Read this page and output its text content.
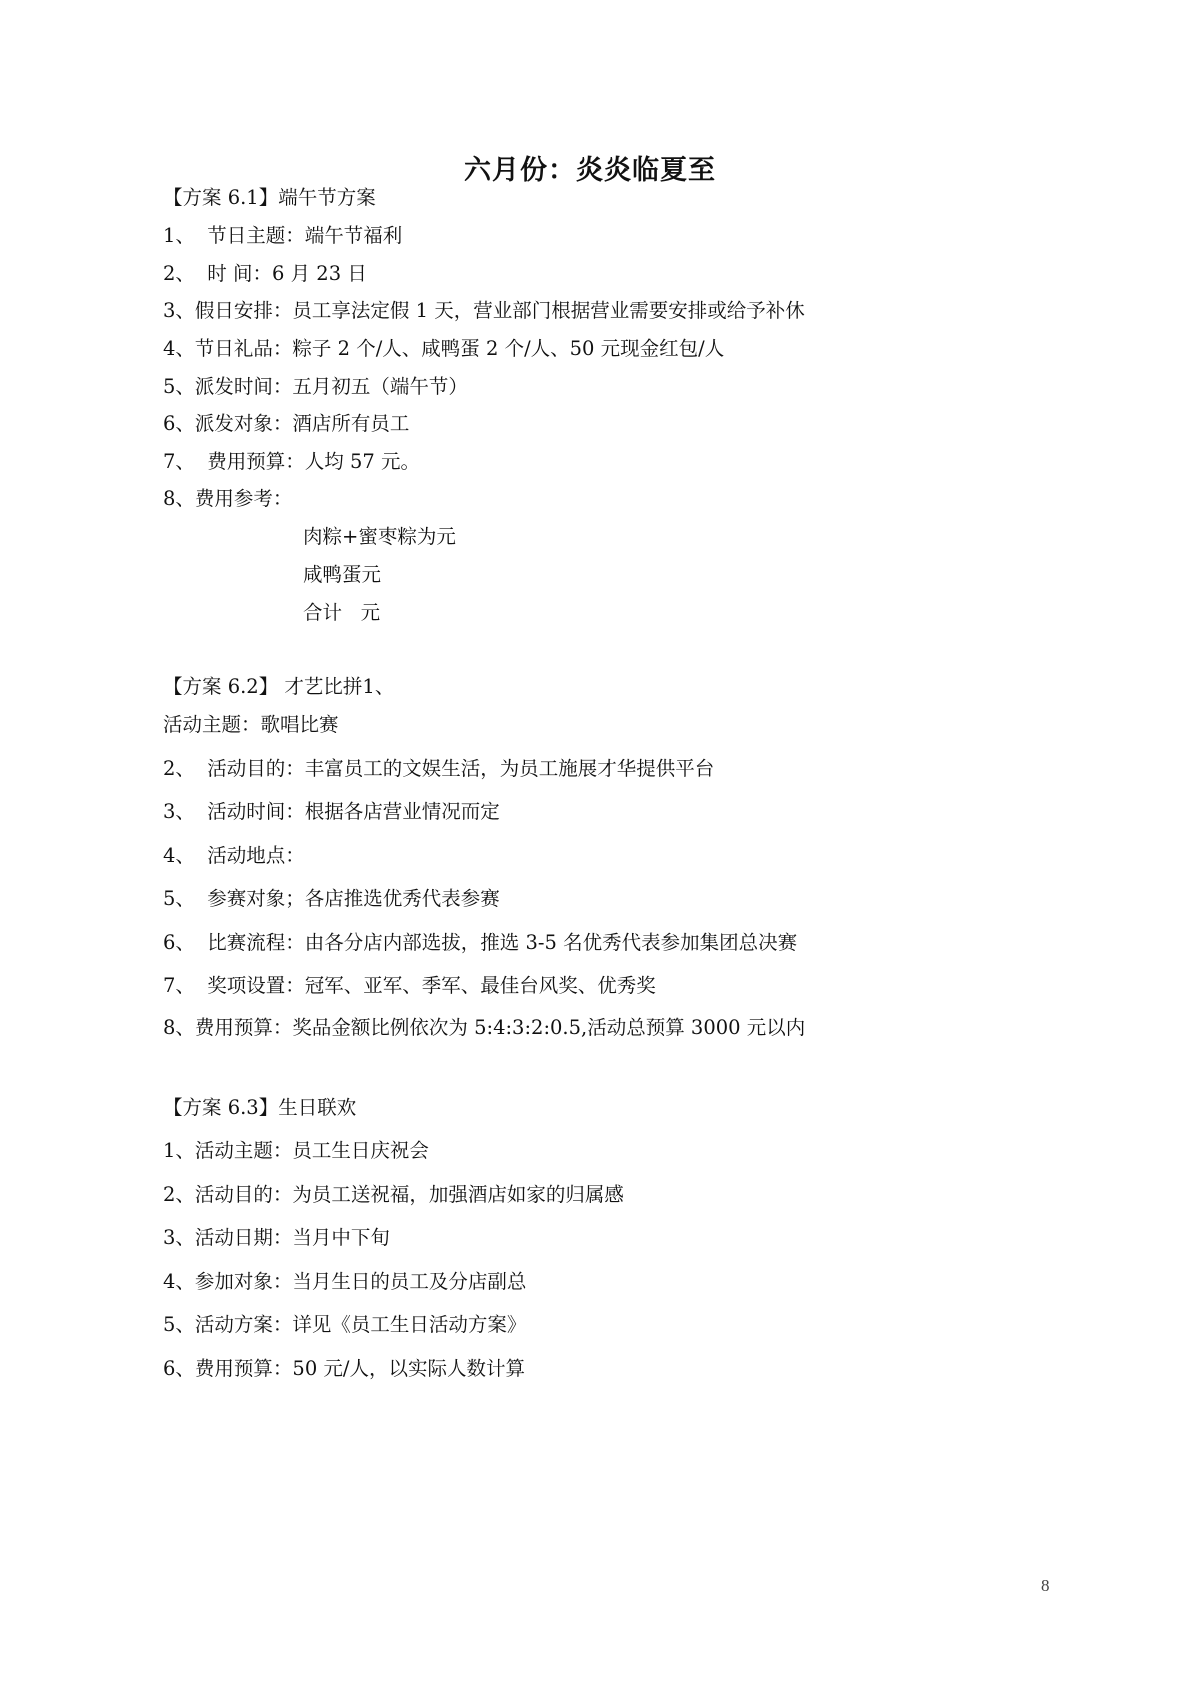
六月份：炎炎临夏至
【方案 6.1】端午节方案
1、  节日主题：端午节福利
2、  时 间：6 月 23 日
3、假日安排：员工享法定假 1 天，营业部门根据营业需要安排或给予补休
4、节日礼品：粽子 2 个/人、咸鸭蛋 2 个/人、50 元现金红包/人
5、派发时间：五月初五（端午节）
6、派发对象：酒店所有员工
7、  费用预算：人均 57 元。
8、费用参考：
肉粽+蜜枣粽为元
咸鸭蛋元
合计   元
【方案 6.2】 才艺比拼1、
活动主题：歌唱比赛
2、  活动目的：丰富员工的文娱生活，为员工施展才华提供平台
3、  活动时间：根据各店营业情况而定
4、  活动地点：
5、  参赛对象；各店推选优秀代表参赛
6、  比赛流程：由各分店内部选拔，推选 3-5 名优秀代表参加集团总决赛
7、  奖项设置：冠军、亚军、季军、最佳台风奖、优秀奖
8、费用预算：奖品金额比例依次为 5:4:3:2:0.5,活动总预算 3000 元以内
【方案 6.3】生日联欢
1、活动主题：员工生日庆祝会
2、活动目的：为员工送祝福，加强酒店如家的归属感
3、活动日期：当月中下旬
4、参加对象：当月生日的员工及分店副总
5、活动方案：详见《员工生日活动方案》
6、费用预算：50 元/人，以实际人数计算
8
